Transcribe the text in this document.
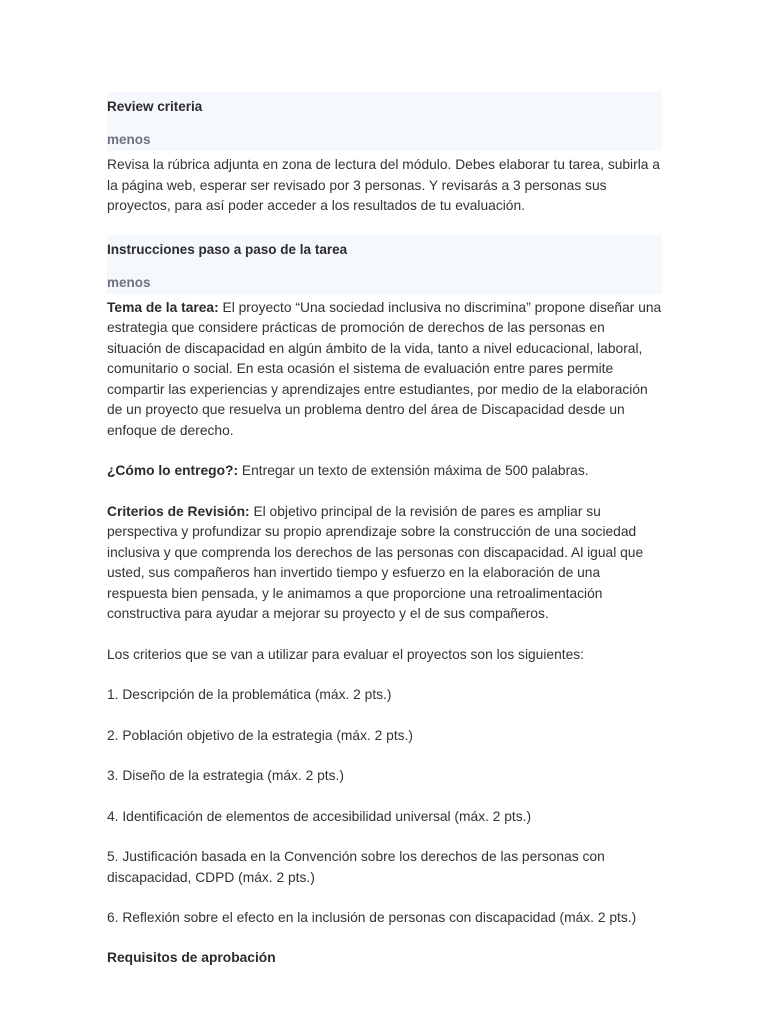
Review criteria
menos

Revisa la rúbrica adjunta en zona de lectura del módulo. Debes elaborar tu tarea, subirla a la página web, esperar ser revisado por 3 personas. Y revisarás a 3 personas sus proyectos, para así poder acceder a los resultados de tu evaluación.

Instrucciones paso a paso de la tarea
menos

Tema de la tarea: El proyecto “Una sociedad inclusiva no discrimina” propone diseñar una estrategia que considere prácticas de promoción de derechos de las personas en situación de discapacidad en algún ámbito de la vida, tanto a nivel educacional, laboral, comunitario o social. En esta ocasión el sistema de evaluación entre pares permite compartir las experiencias y aprendizajes entre estudiantes, por medio de la elaboración de un proyecto que resuelva un problema dentro del área de Discapacidad desde un enfoque de derecho.

¿Cómo lo entrego?: Entregar un texto de extensión máxima de 500 palabras.

Criterios de Revisión: El objetivo principal de la revisión de pares es ampliar su perspectiva y profundizar su propio aprendizaje sobre la construcción de una sociedad inclusiva y que comprenda los derechos de las personas con discapacidad. Al igual que usted, sus compañeros han invertido tiempo y esfuerzo en la elaboración de una respuesta bien pensada, y le animamos a que proporcione una retroalimentación constructiva para ayudar a mejorar su proyecto y el de sus compañeros.

Los criterios que se van a utilizar para evaluar el proyectos son los siguientes:

1. Descripción de la problemática (máx. 2 pts.)

2. Población objetivo de la estrategia (máx. 2 pts.)

3. Diseño de la estrategia (máx. 2 pts.)

4. Identificación de elementos de accesibilidad universal (máx. 2 pts.)

5. Justificación basada en la Convención sobre los derechos de las personas con discapacidad, CDPD (máx. 2 pts.)

6. Reflexión sobre el efecto en la inclusión de personas con discapacidad (máx. 2 pts.)

Requisitos de aprobación
